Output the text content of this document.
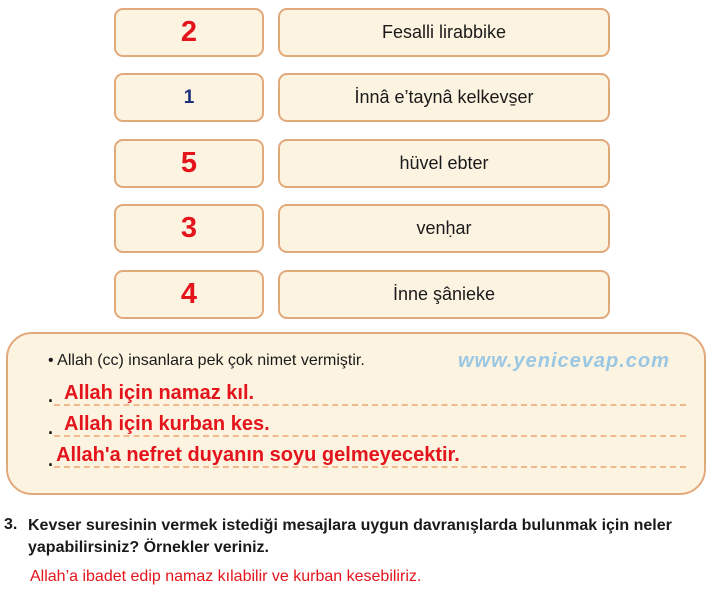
2	Fesalli lirabbike
1	İnnâ e’taynâ kelkevs̱er
5	hüvel ebter
3	venḥar
4	İnne şânieke
• Allah (cc) insanlara pek çok nimet vermiştir.	www.yenicevap.com
. Allah için namaz kıl.
. Allah için kurban kes.
. Allah'a nefret duyanın soyu gelmeyecektir.
3. Kevser suresinin vermek istediği mesajlara uygun davranışlarda bulunmak için neler yapabilirsiniz? Örnekler veriniz.
Allah’a ibadet edip namaz kılabilir ve kurban kesebiliriz.
